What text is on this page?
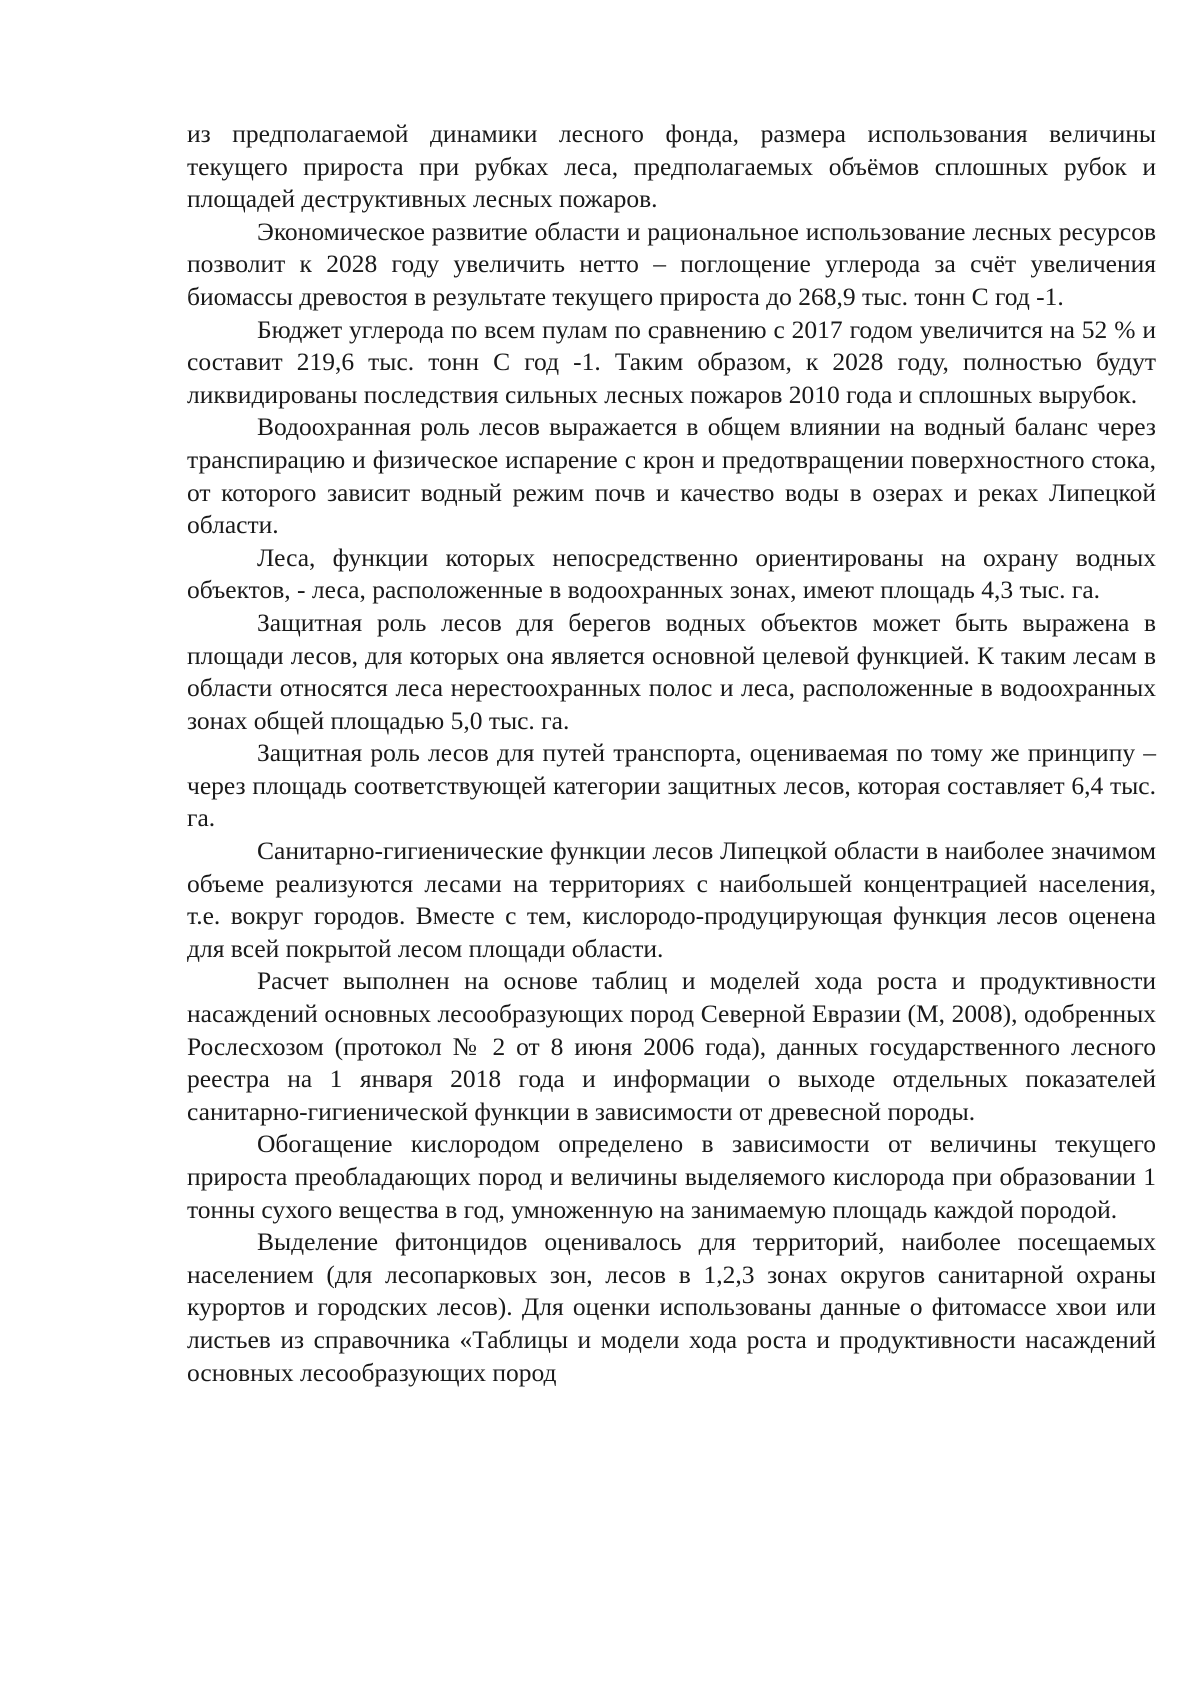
из предполагаемой динамики лесного фонда, размера использования величины текущего прироста при рубках леса, предполагаемых объёмов сплошных рубок и площадей деструктивных лесных пожаров.

Экономическое развитие области и рациональное использование лесных ресурсов позволит к 2028 году увеличить нетто – поглощение углерода за счёт увеличения биомассы древостоя в результате текущего прироста до 268,9 тыс. тонн С год -1.

Бюджет углерода по всем пулам по сравнению с 2017 годом увеличится на 52 % и составит 219,6 тыс. тонн С год -1. Таким образом, к 2028 году, полностью будут ликвидированы последствия сильных лесных пожаров 2010 года и сплошных вырубок.

Водоохранная роль лесов выражается в общем влиянии на водный баланс через транспирацию и физическое испарение с крон и предотвращении поверхностного стока, от которого зависит водный режим почв и качество воды в озерах и реках Липецкой области.

Леса, функции которых непосредственно ориентированы на охрану водных объектов, - леса, расположенные в водоохранных зонах, имеют площадь 4,3 тыс. га.

Защитная роль лесов для берегов водных объектов может быть выражена в площади лесов, для которых она является основной целевой функцией. К таким лесам в области относятся леса нерестоохранных полос и леса, расположенные в водоохранных зонах общей площадью 5,0 тыс. га.

Защитная роль лесов для путей транспорта, оцениваемая по тому же принципу – через площадь соответствующей категории защитных лесов, которая составляет 6,4 тыс. га.

Санитарно-гигиенические функции лесов Липецкой области в наиболее значимом объеме реализуются лесами на территориях с наибольшей концентрацией населения, т.е. вокруг городов. Вместе с тем, кислородо-продуцирующая функция лесов оценена для всей покрытой лесом площади области.

Расчет выполнен на основе таблиц и моделей хода роста и продуктивности насаждений основных лесообразующих пород Северной Евразии (М, 2008), одобренных Рослесхозом (протокол № 2 от 8 июня 2006 года), данных государственного лесного реестра на 1 января 2018 года и информации о выходе отдельных показателей санитарно-гигиенической функции в зависимости от древесной породы.

Обогащение кислородом определено в зависимости от величины текущего прироста преобладающих пород и величины выделяемого кислорода при образовании 1 тонны сухого вещества в год, умноженную на занимаемую площадь каждой породой.

Выделение фитонцидов оценивалось для территорий, наиболее посещаемых населением (для лесопарковых зон, лесов в 1,2,3 зонах округов санитарной охраны курортов и городских лесов). Для оценки использованы данные о фитомассе хвои или листьев из справочника «Таблицы и модели хода роста и продуктивности насаждений основных лесообразующих пород
